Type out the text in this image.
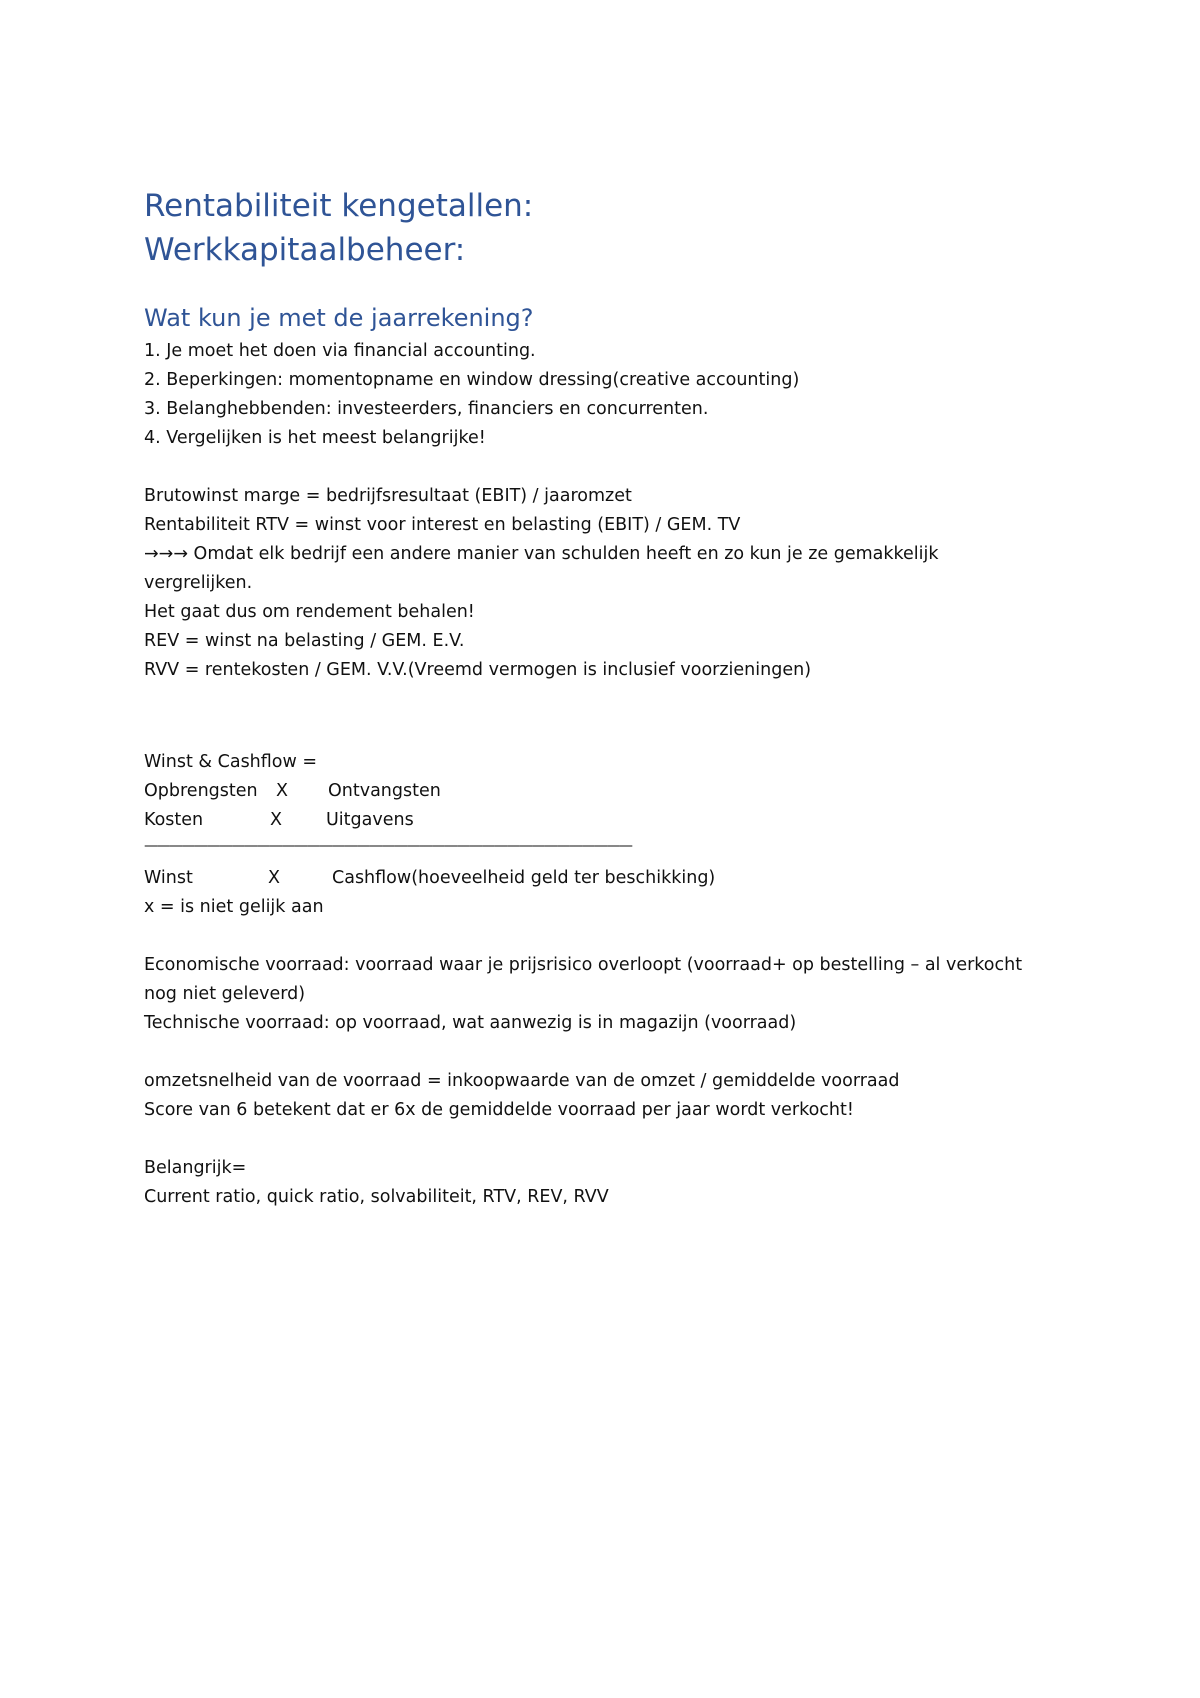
Rentabiliteit kengetallen:
Werkkapitaalbeheer:
Wat kun je met de jaarrekening?
1. Je moet het doen via financial accounting.
2. Beperkingen: momentopname en window dressing(creative accounting)
3. Belanghebbenden: investeerders, financiers en concurrenten.
4. Vergelijken is het meest belangrijke!
Brutowinst marge = bedrijfsresultaat (EBIT) / jaaromzet
Rentabiliteit RTV = winst voor interest en belasting (EBIT) / GEM. TV
→→→ Omdat elk bedrijf een andere manier van schulden heeft en zo kun je ze gemakkelijk
vergrelijken.
Het gaat dus om rendement behalen!
REV = winst na belasting / GEM. E.V.
RVV = rentekosten / GEM. V.V.(Vreemd vermogen is inclusief voorzieningen)
Winst & Cashflow =
Opbrengsten X Ontvangsten
Kosten	X	Uitgavens
———————————————————————————————————————
Winst	X	Cashflow(hoeveelheid geld ter beschikking)
x = is niet gelijk aan
Economische voorraad: voorraad waar je prijsrisico overloopt (voorraad+ op bestelling – al verkocht
nog niet geleverd)
Technische voorraad: op voorraad, wat aanwezig is in magazijn (voorraad)
omzetsnelheid van de voorraad = inkoopwaarde van de omzet / gemiddelde voorraad
Score van 6 betekent dat er 6x de gemiddelde voorraad per jaar wordt verkocht!
Belangrijk=
Current ratio, quick ratio, solvabiliteit, RTV, REV, RVV
